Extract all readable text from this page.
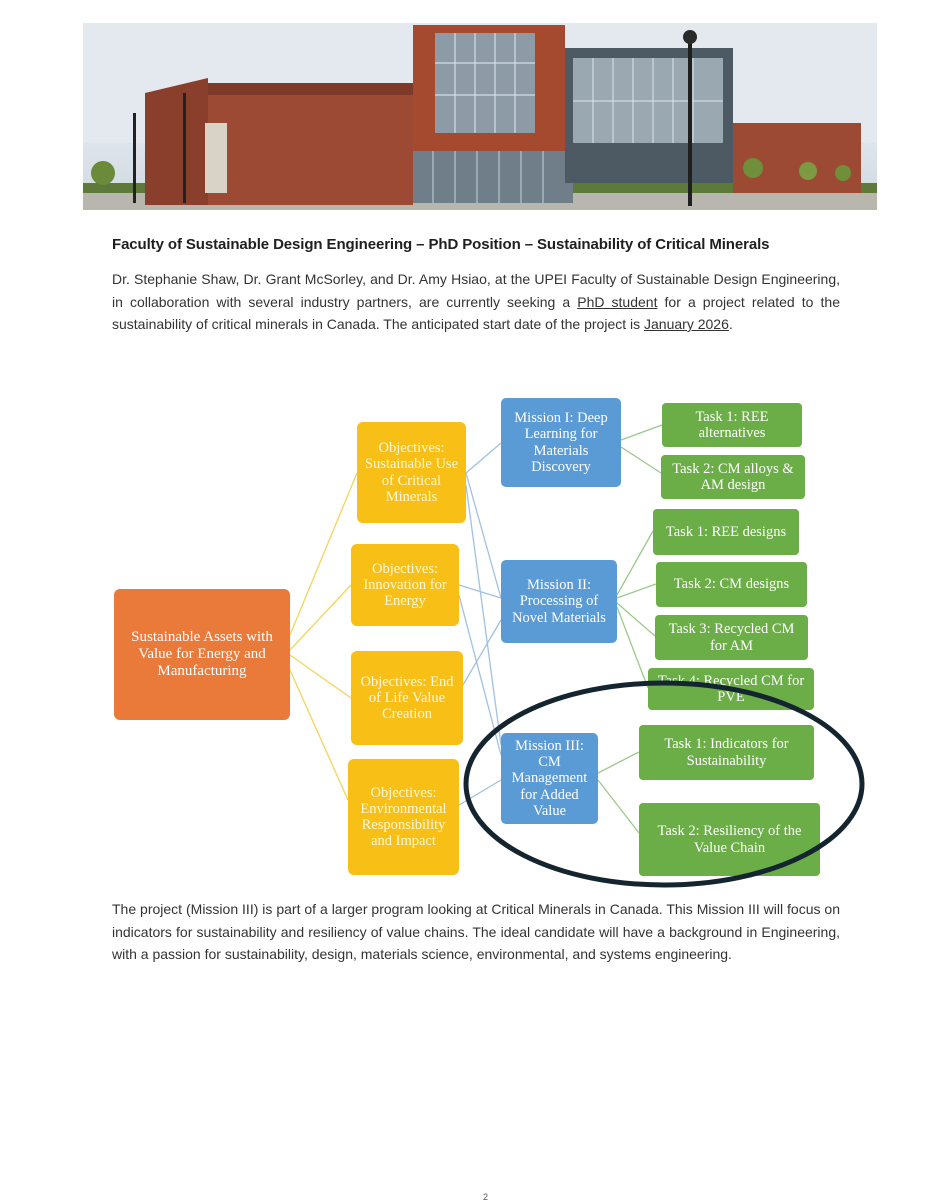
Faculty of Sustainable Design Engineering – PhD Position – Sustainability of Critical Minerals
Dr. Stephanie Shaw, Dr. Grant McSorley, and Dr. Amy Hsiao, at the UPEI Faculty of Sustainable Design Engineering, in collaboration with several industry partners, are currently seeking a PhD student for a project related to the sustainability of critical minerals in Canada. The anticipated start date of the project is January 2026.
Sustainable Assets with Value for Energy and Manufacturing
Objectives: Sustainable Use of Critical Minerals
Objectives: Innovation for Energy
Objectives: End of Life Value Creation
Objectives: Environmental Responsibility and Impact
Mission I: Deep Learning for Materials Discovery
Mission II: Processing of Novel Materials
Mission III: CM Management for Added Value
Task 1: REE alternatives
Task 2: CM alloys & AM design
Task 1: REE designs
Task 2: CM designs
Task 3: Recycled CM for AM
Task 4: Recycled CM for PVE
Task 1: Indicators for Sustainability
Task 2: Resiliency of the Value Chain
The project (Mission III) is part of a larger program looking at Critical Minerals in Canada. This Mission III will focus on indicators for sustainability and resiliency of value chains. The ideal candidate will have a background in Engineering, with a passion for sustainability, design, materials science, environmental, and systems engineering.
2
